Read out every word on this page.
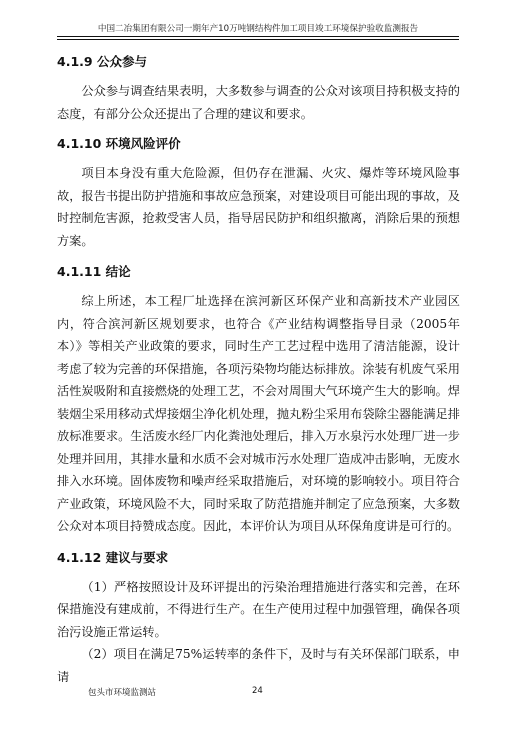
中国二冶集团有限公司一期年产10万吨钢结构件加工项目竣工环境保护验收监测报告
4.1.9 公众参与

公众参与调查结果表明，大多数参与调查的公众对该项目持积极支持的态度，有部分公众还提出了合理的建议和要求。

4.1.10 环境风险评价

项目本身没有重大危险源，但仍存在泄漏、火灾、爆炸等环境风险事故，报告书提出防护措施和事故应急预案，对建设项目可能出现的事故，及时控制危害源，抢救受害人员，指导居民防护和组织撤离，消除后果的预想方案。

4.1.11 结论

综上所述，本工程厂址选择在滨河新区环保产业和高新技术产业园区内，符合滨河新区规划要求，也符合《产业结构调整指导目录（2005年本）》等相关产业政策的要求，同时生产工艺过程中选用了清洁能源，设计考虑了较为完善的环保措施，各项污染物均能达标排放。涂装有机废气采用活性炭吸附和直接燃烧的处理工艺，不会对周围大气环境产生大的影响。焊装烟尘采用移动式焊接烟尘净化机处理，抛丸粉尘采用布袋除尘器能满足排放标准要求。生活废水经厂内化粪池处理后，排入万水泉污水处理厂进一步处理并回用，其排水量和水质不会对城市污水处理厂造成冲击影响，无废水排入水环境。固体废物和噪声经采取措施后，对环境的影响较小。项目符合产业政策，环境风险不大，同时采取了防范措施并制定了应急预案，大多数公众对本项目持赞成态度。因此，本评价认为项目从环保角度讲是可行的。

4.1.12 建议与要求

（1）严格按照设计及环评提出的污染治理措施进行落实和完善，在环保措施没有建成前，不得进行生产。在生产使用过程中加强管理，确保各项治污设施正常运转。

（2）项目在满足75%运转率的条件下，及时与有关环保部门联系，申请

包头市环境监测站	24
